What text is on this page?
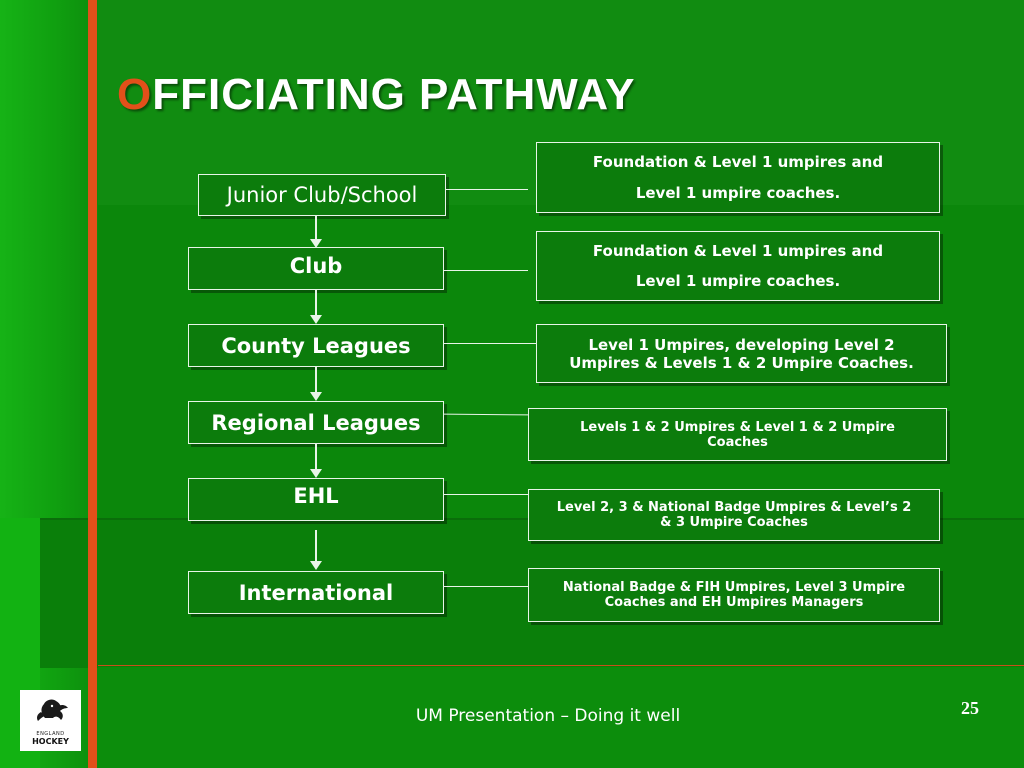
O FFICIATING PATHWAY
Junior Club/School
Club
County Leagues
Regional Leagues
EHL
International
Foundation & Level 1 umpires and
Level 1 umpire coaches.
Foundation & Level 1 umpires and
Level 1 umpire coaches.
Level 1 Umpires, developing Level 2
Umpires & Levels 1 & 2 Umpire Coaches.
Levels 1 & 2 Umpires & Level 1 & 2 Umpire
Coaches
Level 2, 3 & National Badge Umpires & Level’s 2
& 3 Umpire Coaches
National Badge & FIH Umpires, Level 3 Umpire
Coaches and EH Umpires Managers
ENGLAND
HOCKEY
UM Presentation – Doing it well	25
